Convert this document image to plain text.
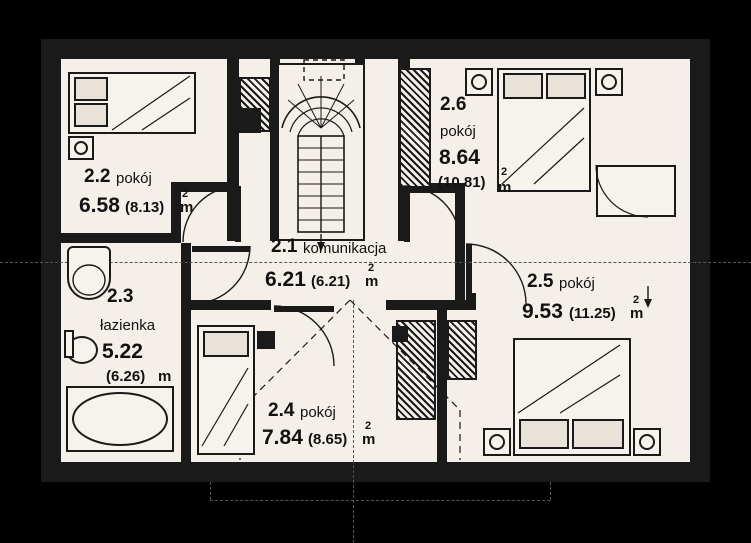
2.2 pokój
6.58 (8.13) m
2
2.6
pokój
8.64
(10.81) m
2
2.1 komunikacja
6.21 (6.21) m
2
2.5 pokój
9.53 (11.25) m
2
2.3
łazienka
5.22
(6.26) m
2.4 pokój
7.84 (8.65) m
2
